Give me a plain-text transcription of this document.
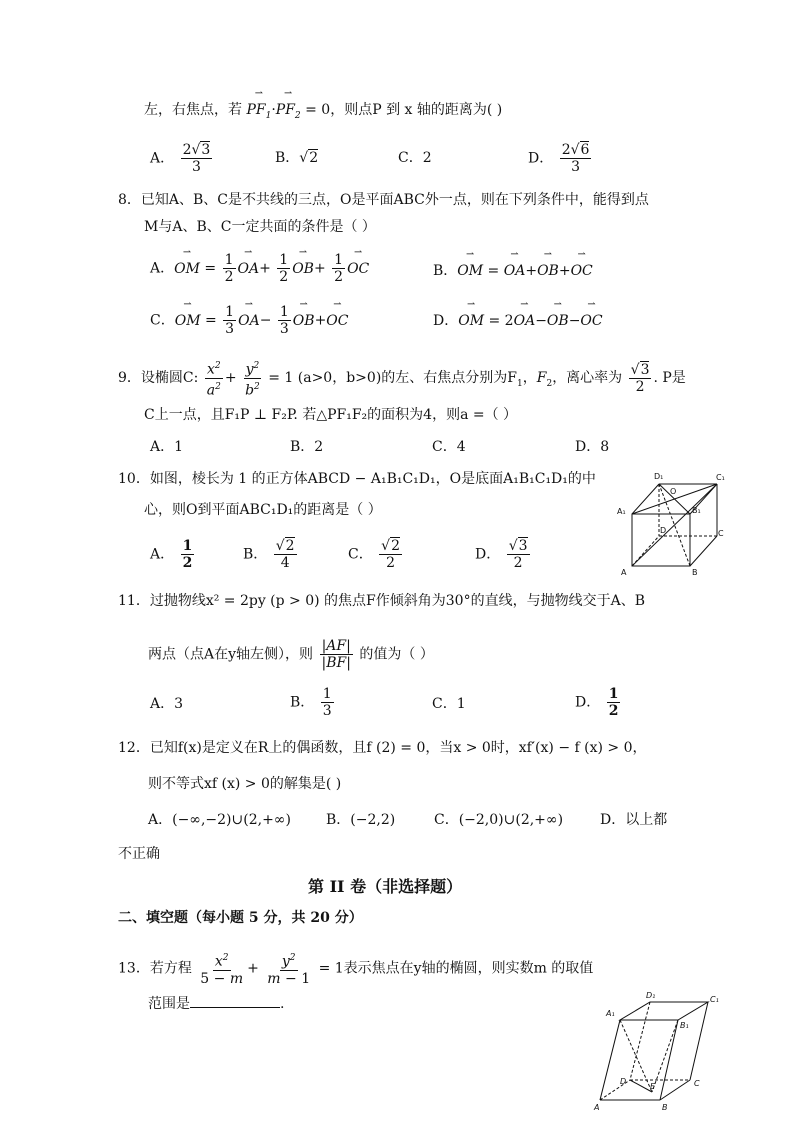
左，右焦点，若 ⇀ $PF_1\cdot⇀$ $PF_2 = 0$，则点P 到 x 轴的距离为( )
A． $\frac{2√3}{3}$	B．√2	C．2	D． $\frac{2√6}{3}$
8．已知A、B、C是不共线的三点，O是平面ABC外一点，则在下列条件中，能得到点
M与A、B、C一定共面的条件是（ ）
A．⇀ OM = $\frac{1}{2}$ ⇀ $OA+ \frac{1}{2}$ ⇀ $OB+ \frac{1}{2}$ ⇀ OC	B．⇀ OM = ⇀ OA+⇀ OB+⇀ OC
C．⇀ OM = $\frac{1}{3}$ ⇀ $OA- \frac{1}{3}$ ⇀ OB+⇀ OC	D．⇀ OM = 2⇀ OA−⇀ OB−⇀ OC
9．设椭圆C: $\frac{x^2}{a^2} + \frac{y^2}{b^2} = 1$ (a>0，b>0)的左、右焦点分别为$F_1$，$F_2$，离心率为 $\frac{√3}{2}$ . P是
C上一点，且F₁P ⊥ F₂P. 若△PF₁F₂的面积为4，则a =（ ）
A．1	B．2	C．4	D．8
10．如图，棱长为 1 的正方体ABCD − A₁B₁C₁D₁，O是底面A₁B₁C₁D₁的中
心，则O到平面ABC₁D₁的距离是（ ）
A． $\frac{1}{2}$	B． $\frac{√2}{4}$	C． $\frac{√2}{2}$	D． $\frac{√3}{2}$
D₁	C₁
O
A₁	B₁
D	C
A	B
11．过抛物线x² = 2py (p > 0) 的焦点F作倾斜角为30°的直线，与抛物线交于A、B
两点（点A在y轴左侧），则 $\frac{|AF|}{|BF|}$ 的值为（ ）
A．3	B． $\frac{1}{3}$	C．1	D． $\frac{1}{2}$
12．已知f(x)是定义在R上的偶函数，且f (2) = 0，当x > 0时，xf′(x) − f (x) > 0，
则不等式xf (x) > 0的解集是( )
A．(−∞,−2)∪(2,+∞)	B．(−2,2)	C．(−2,0)∪(2,+∞)	D．以上都
不正确
第 II 卷（非选择题）
二、填空题（每小题 5 分，共 20 分）
13．若方程 $\frac{x^2}{5 - m} + \frac{y^2}{m - 1} = 1$表示焦点在y轴的椭圆，则实数m 的取值
范围是	.
A₁
D₁	C₁
B₁
D
E	C
A	B
